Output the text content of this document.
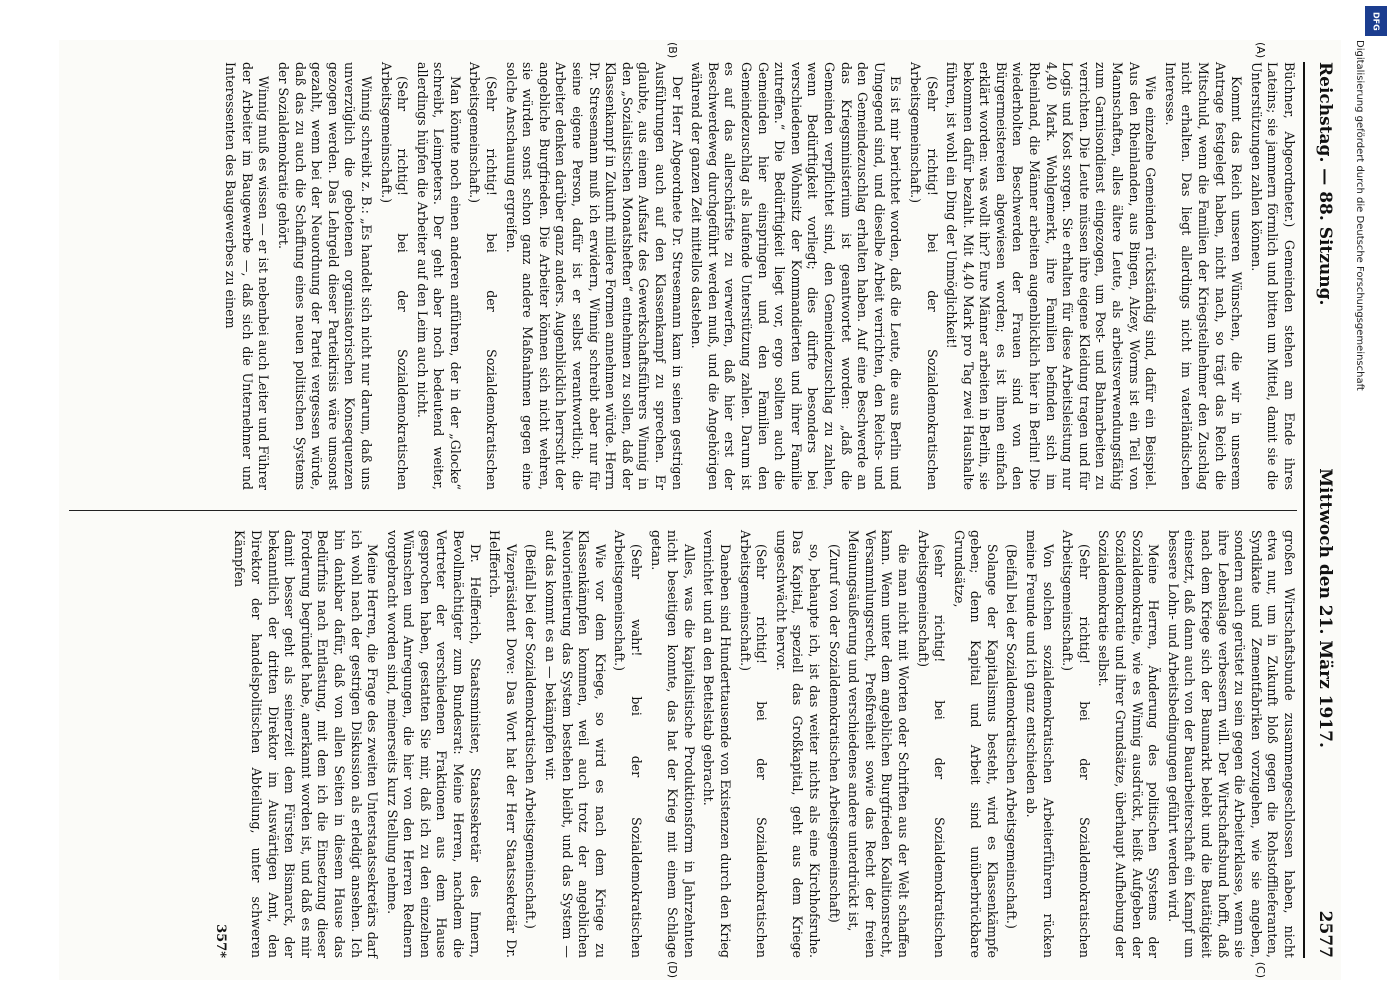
Reichstag. — 88. Sitzung.
Mittwoch den 21. März 1917.
2577
(A)
(B)

Büchner, Abgeordneter.) Gemeinden stehen am Ende ihres Lateins; sie jammern förmlich und bitten um Mittel, damit sie die Unterstützungen zahlen können.

Kommt das Reich unseren Wünschen, die wir in unserem Antrage festgelegt haben, nicht nach, so trägt das Reich die Mitschuld, wenn die Familien der Kriegsteilnehmer den Zuschlag nicht erhalten. Das liegt allerdings nicht im vaterländischen Interesse.

Wie einzelne Gemeinden rückständig sind, dafür ein Beispiel. Aus den Rheinlanden, aus Bingen, Alzey, Worms ist ein Teil von Mannschaften, alles ältere Leute, als arbeitsverwendungsfähig zum Garnisondienst eingezogen, um Post- und Bahnarbeiten zu verrichten. Die Leute müssen ihre eigene Kleidung tragen und für Logis und Kost sorgen. Sie erhalten für diese Arbeitsleistung nur 4,40 Mark. Wohlgemerkt, ihre Familien befinden sich im Rheinland, die Männer arbeiten augenblicklich hier in Berlin! Die wiederholten Beschwerden der Frauen sind von den Bürgermeistereien abgewiesen worden; es ist ihnen einfach erklärt worden: was wollt ihr? Eure Männer arbeiten in Berlin, sie bekommen dafür bezahlt. Mit 4,40 Mark pro Tag zwei Haushalte führen, ist wohl ein Ding der Unmöglichkeit!

(Sehr richtig! bei der Sozialdemokratischen Arbeitsgemeinschaft.)

Es ist mir berichtet worden, daß die Leute, die aus Berlin und Umgegend sind, und dieselbe Arbeit verrichten, den Reichs- und den Gemeindezuschlag erhalten haben. Auf eine Beschwerde an das Kriegsministerium ist geantwortet worden: „daß die Gemeinden verpflichtet sind, den Gemeindezuschlag zu zahlen, wenn Bedürftigkeit vorliegt; dies dürfte besonders bei verschiedenen Wohnsitz der Kommandierten und ihrer Familie zutreffen.“ Die Bedürftigkeit liegt vor, ergo sollten auch die Gemeinden hier einspringen und den Familien den Gemeindezuschlag als laufende Unterstützung zahlen. Darum ist es auf das allerschärfste zu verwerfen, daß hier erst der Beschwerdeweg durchgeführt werden muß, und die Angehörigen während der ganzen Zeit mittellos dastehen.

Der Herr Abgeordnete Dr. Stresemann kam in seinen gestrigen Ausführungen auch auf den Klassenkampf zu sprechen. Er glaubte, aus einem Aufsatz des Gewerkschaftsführers Winnig in den „Sozialistischen Monatsheften“ entnehmen zu sollen, daß der Klassenkampf in Zukunft mildere Formen annehmen würde. Herrn Dr. Stresemann muß ich erwidern, Winnig schreibt aber nur für seine eigene Person, dafür ist er selbst verantwortlich; die Arbeiter denken darüber ganz anders. Augenblicklich herrscht der angebliche Burgfrieden. Die Arbeiter können sich nicht wehren, sie würden sonst schon ganz andere Maßnahmen gegen eine solche Anschauung ergreifen.

(Sehr richtig! bei der Sozialdemokratischen Arbeitsgemeinschaft.)

Man könnte noch einen anderen anführen, der in der „Glocke“ schreibt, Leimpeters. Der geht aber noch bedeutend weiter, allerdings hüpfen die Arbeiter auf den Leim auch nicht.

(Sehr richtig! bei der Sozialdemokratischen Arbeitsgemeinschaft.)

Winnig schreibt z. B.: „Es handelt sich nicht nur darum, daß uns unverzüglich die gebotenen organisatorischen Konsequenzen gezogen werden. Das Lehrgeld dieser Parteikrisis wäre umsonst gezahlt, wenn bei der Neuordnung der Partei vergessen würde, daß das zu auch die Schaffung eines neuen politischen Systems der Sozialdemokratie gehört.

Winnig muß es wissen — er ist nebenbei auch Leiter und Führer der Arbeiter im Baugewerbe —, daß sich die Unternehmer und Interessenten des Baugewerbes zu einem

(C)
(D)

großen Wirtschaftsbunde zusammengeschlossen haben, nicht etwa nur, um in Zukunft bloß gegen die Rohstofflieferanten, Syndikate und Zementfabriken vorzugehen, wie sie angeben, sondern auch gerüstet zu sein gegen die Arbeiterklasse, wenn sie ihre Lebenslage verbessern will. Der Wirtschaftsbund hofft, daß nach dem Kriege sich der Baumarkt belebt und die Bautätigkeit einsetzt, daß dann auch von der Bauarbeiterschaft ein Kampf um bessere Lohn- und Arbeitsbedingungen geführt werden wird.

Meine Herren, Änderung des politischen Systems der Sozialdemokratie, wie es Winnig ausdrückt, heißt Aufgeben der Sozialdemokratie und ihrer Grundsätze, überhaupt Aufhebung der Sozialdemokratie selbst.

(Sehr richtig! bei der Sozialdemokratischen Arbeitsgemeinschaft.)

Von solchen sozialdemokratischen Arbeiterführern rücken meine Freunde und ich ganz entschieden ab.

(Beifall bei der Sozialdemokratischen Arbeitsgemeinschaft.)

Solange der Kapitalismus besteht, wird es Klassenkämpfe geben; denn Kapital und Arbeit sind unüberbrückbare Grundsätze,

(sehr richtig! bei der Sozialdemokratischen Arbeitsgemeinschaft)

die man nicht mit Worten oder Schriften aus der Welt schaffen kann. Wenn unter dem angeblichen Burgfrieden Koalitionsrecht, Versammlungsrecht, Preßfreiheit sowie das Recht der freien Meinungsäußerung und verschiedenes andere unterdrückt ist,

(Zuruf von der Sozialdemokratischen Arbeitsgemeinschaft)

so, behaupte ich, ist das weiter nichts als eine Kirchhofsruhe. Das Kapital, speziell das Großkapital, geht aus dem Kriege ungeschwächt hervor.

(Sehr richtig! bei der Sozialdemokratischen Arbeitsgemeinschaft.)

Daneben sind Hunderttausende von Existenzen durch den Krieg vernichtet und an den Bettelstab gebracht.

Alles, was die kapitalistische Produktionsform in Jahrzehnten nicht beseitigen konnte, das hat der Krieg mit einem Schlage getan.

(Sehr wahr! bei der Sozialdemokratischen Arbeitsgemeinschaft.)

Wie vor dem Kriege, so wird es nach dem Kriege zu Klassenkämpfen kommen, weil auch trotz der angeblichen Neuorientierung das System bestehen bleibt, und das System — auf das kommt es an — bekämpfen wir.

(Beifall bei der Sozialdemokratischen Arbeitsgemeinschaft.)

Vizepräsident Dove: Das Wort hat der Herr Staatssekretär Dr. Helfferich.

Dr. Helfferich, Staatsminister, Staatssekretär des Innern, Bevollmächtigter zum Bundesrat: Meine Herren, nachdem die Vertreter der verschiedenen Fraktionen aus dem Hause gesprochen haben, gestatten Sie mir, daß ich zu den einzelnen Wünschen und Anregungen, die hier von den Herren Rednern vorgebracht worden sind, meinerseits kurz Stellung nehme.

Meine Herren, die Frage des zweiten Unterstaatssekretärs darf ich wohl nach der gestrigen Diskussion als erledigt ansehen. Ich bin dankbar dafür, daß von allen Seiten in diesem Hause das Bedürfnis nach Entlastung, mit dem ich die Einsetzung dieser Forderung begründet habe, anerkannt worden ist, und daß es mir damit besser geht als seinerzeit dem Fürsten Bismarck, der bekanntlich der dritten Direktor im Auswärtigen Amt, den Direktor der handelspolitischen Abteilung, unter schweren Kämpfen

357*
DFG
Digitalisierung gefördert durch die Deutsche Forschungsgemeinschaft
